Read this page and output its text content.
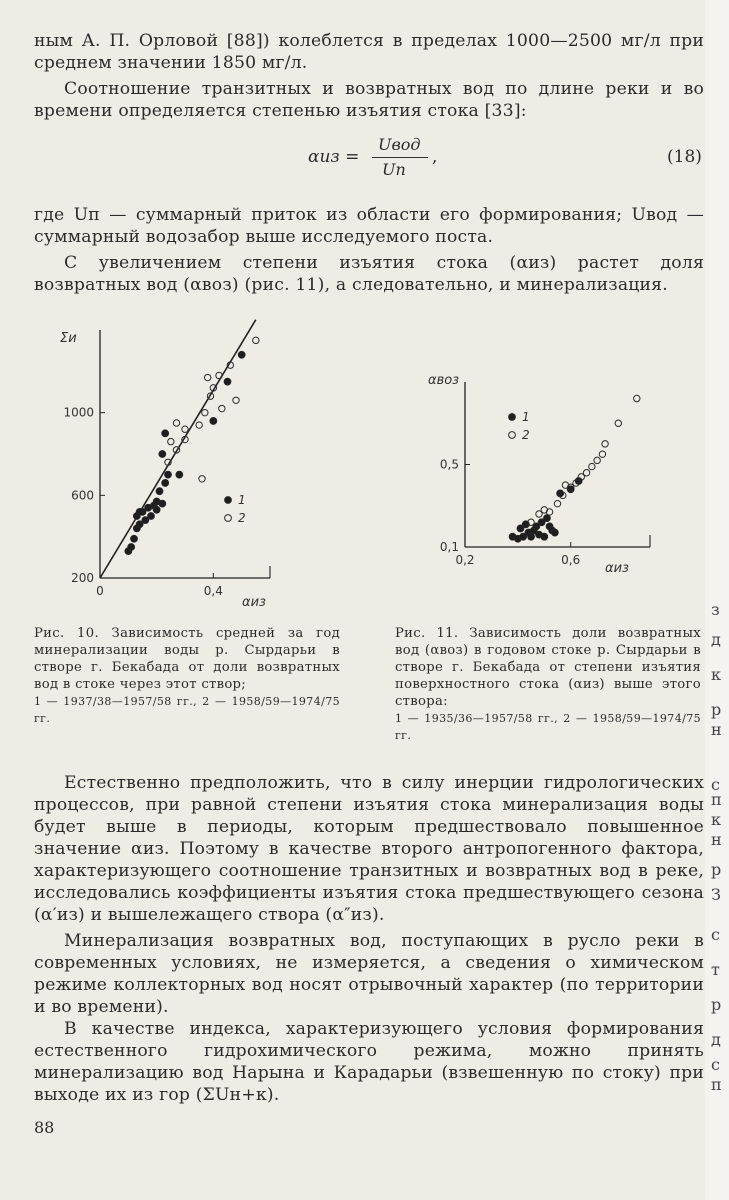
ным А. П. Орловой [88]) колеблется в пределах 1000—2500 мг/л при среднем значении 1850 мг/л.

Соотношение транзитных и возвратных вод по длине реки и во времени определяется степенью изъятия стока [33]:

αиз =
Uвод
Uп
,	(18)

где Uп — суммарный приток из области его формирования; Uвод — суммарный водозабор выше исследуемого поста.

С увеличением степени изъятия стока (αиз) растет доля возвратных вод (αвоз) (рис. 11), а следовательно, и минерализация.

200
600
1000
0	0,4
Σи
αиз
1
2
0,1
0,5
0,2	0,6
αвоз
αиз
1
2

Рис. 10. Зависимость средней за год минерализации воды р. Сырдарьи в створе г. Бекабада от доли возвратных вод в стоке через этот створ;
1 — 1937/38—1957/58 гг., 2 — 1958/59—1974/75 гг.

Рис. 11. Зависимость доли возвратных вод (αвоз) в годовом стоке р. Сырдарьи в створе г. Бекабада от степени изъятия поверхностного стока (αиз) выше этого створа:
1 — 1935/36—1957/58 гг., 2 — 1958/59—1974/75 гг.

Естественно предположить, что в силу инерции гидрологических процессов, при равной степени изъятия стока минерализация воды будет выше в периоды, которым предшествовало повышенное значение αиз. Поэтому в качестве второго антропогенного фактора, характеризующего соотношение транзитных и возвратных вод в реке, исследовались коэффициенты изъятия стока предшествующего сезона (α′из) и вышележащего створа (α″из).

Минерализация возвратных вод, поступающих в русло реки в современных условиях, не измеряется, а сведения о химическом режиме коллекторных вод носят отрывочный характер (по территории и во времени).

В качестве индекса, характеризующего условия формирования естественного гидрохимического режима, можно принять минерализацию вод Нарына и Карадарьи (взвешенную по стоку) при выходе их из гор (ΣUн+к).

88
з
д
к
р
н
с
п
к
н
р
З
с
т
р
д
с
п
